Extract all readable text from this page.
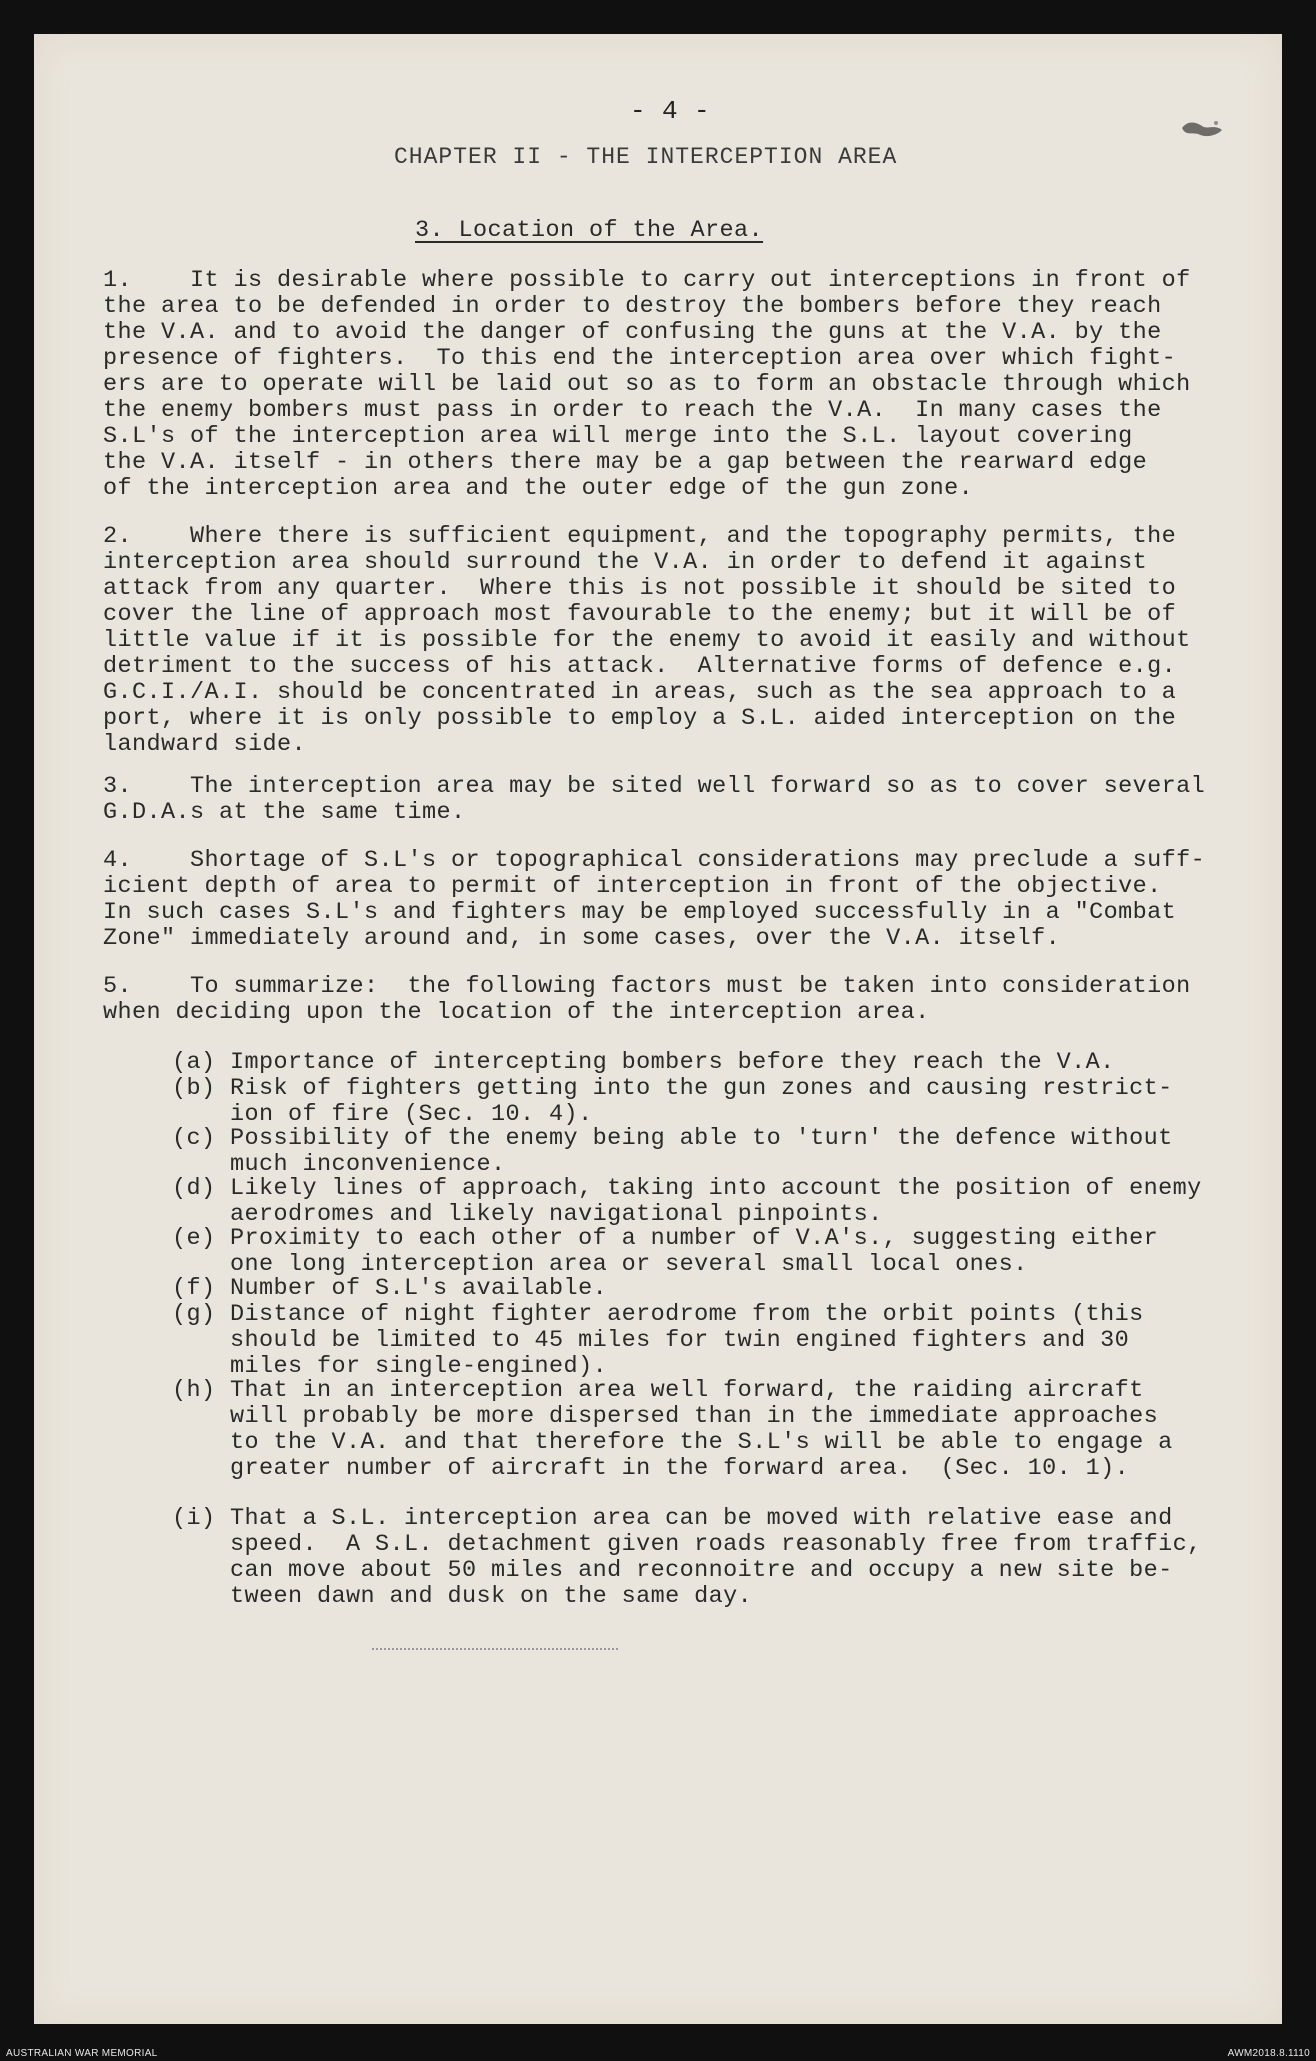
- 4 -
CHAPTER II - THE INTERCEPTION AREA
3. Location of the Area.
1.    It is desirable where possible to carry out interceptions in front of
the area to be defended in order to destroy the bombers before they reach
the V.A. and to avoid the danger of confusing the guns at the V.A. by the
presence of fighters.  To this end the interception area over which fight-
ers are to operate will be laid out so as to form an obstacle through which
the enemy bombers must pass in order to reach the V.A.  In many cases the
S.L's of the interception area will merge into the S.L. layout covering
the V.A. itself - in others there may be a gap between the rearward edge
of the interception area and the outer edge of the gun zone.
2.    Where there is sufficient equipment, and the topography permits, the
interception area should surround the V.A. in order to defend it against
attack from any quarter.  Where this is not possible it should be sited to
cover the line of approach most favourable to the enemy; but it will be of
little value if it is possible for the enemy to avoid it easily and without
detriment to the success of his attack.  Alternative forms of defence e.g.
G.C.I./A.I. should be concentrated in areas, such as the sea approach to a
port, where it is only possible to employ a S.L. aided interception on the
landward side.
3.    The interception area may be sited well forward so as to cover several
G.D.A.s at the same time.
4.    Shortage of S.L's or topographical considerations may preclude a suff-
icient depth of area to permit of interception in front of the objective.
In such cases S.L's and fighters may be employed successfully in a "Combat
Zone" immediately around and, in some cases, over the V.A. itself.
5.    To summarize:  the following factors must be taken into consideration
when deciding upon the location of the interception area.
(a) Importance of intercepting bombers before they reach the V.A.
(b) Risk of fighters getting into the gun zones and causing restrict-
ion of fire (Sec. 10. 4).
(c) Possibility of the enemy being able to 'turn' the defence without
much inconvenience.
(d) Likely lines of approach, taking into account the position of enemy
aerodromes and likely navigational pinpoints.
(e) Proximity to each other of a number of V.A's., suggesting either
one long interception area or several small local ones.
(f) Number of S.L's available.
(g) Distance of night fighter aerodrome from the orbit points (this
should be limited to 45 miles for twin engined fighters and 30
miles for single-engined).
(h) That in an interception area well forward, the raiding aircraft
will probably be more dispersed than in the immediate approaches
to the V.A. and that therefore the S.L's will be able to engage a
greater number of aircraft in the forward area.  (Sec. 10. 1).
(i) That a S.L. interception area can be moved with relative ease and
speed.  A S.L. detachment given roads reasonably free from traffic,
can move about 50 miles and reconnoitre and occupy a new site be-
tween dawn and dusk on the same day.
AUSTRALIAN WAR MEMORIAL	AWM2018.8.1110
